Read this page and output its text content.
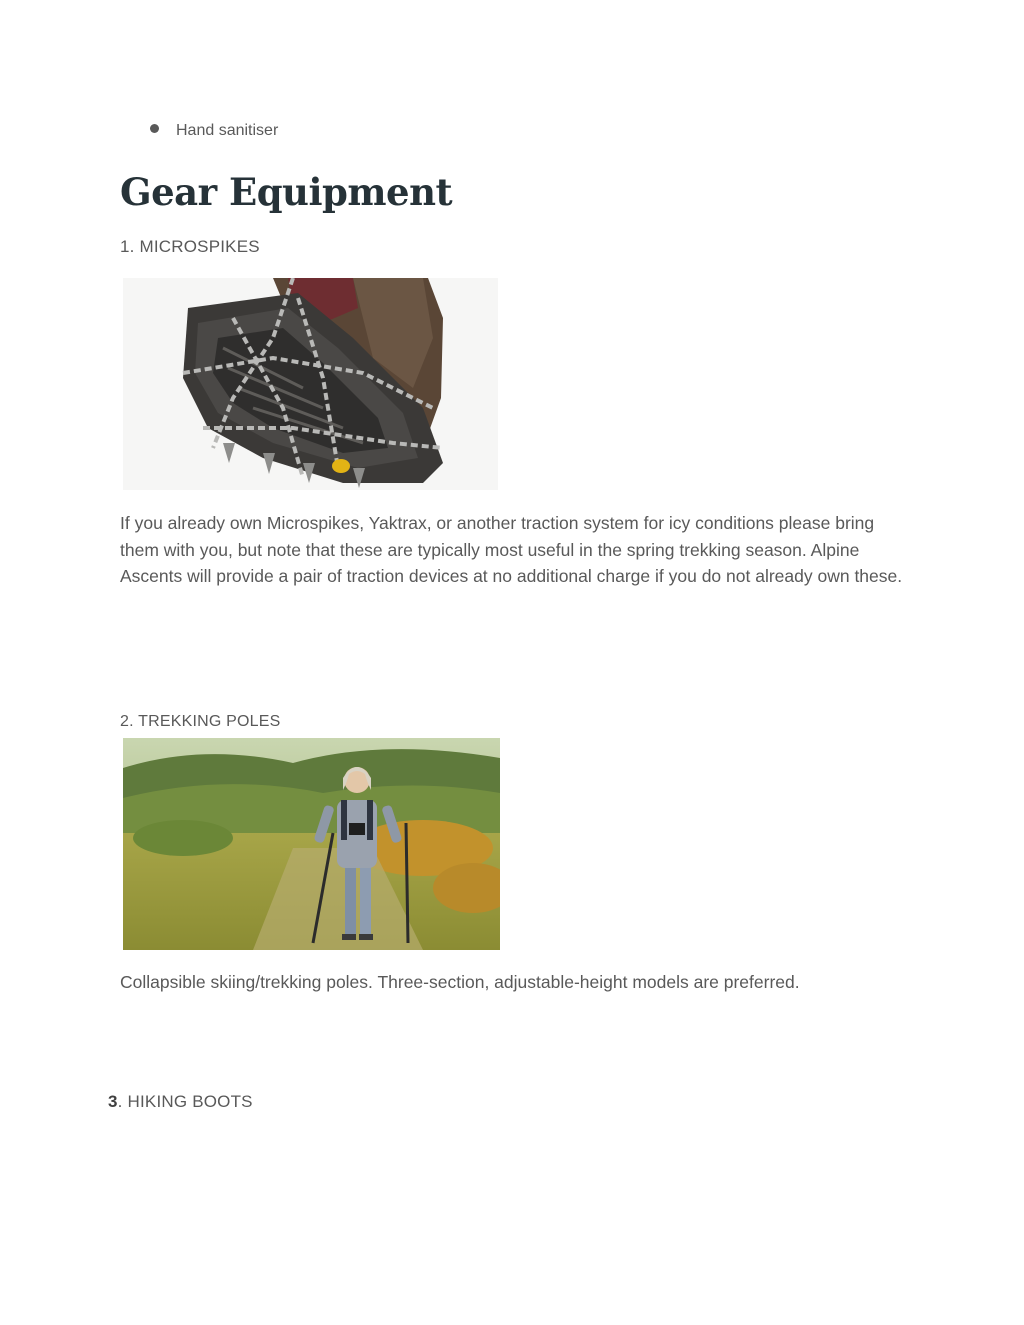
Hand sanitiser
Gear Equipment
1. MICROSPIKES

If you already own Microspikes, Yaktrax, or another traction system for icy conditions please bring them with you, but note that these are typically most useful in the spring trekking season. Alpine Ascents will provide a pair of traction devices at no additional charge if you do not already own these.

2. TREKKING POLES

Collapsible skiing/trekking poles. Three-section, adjustable-height models are preferred.

3. HIKING BOOTS
